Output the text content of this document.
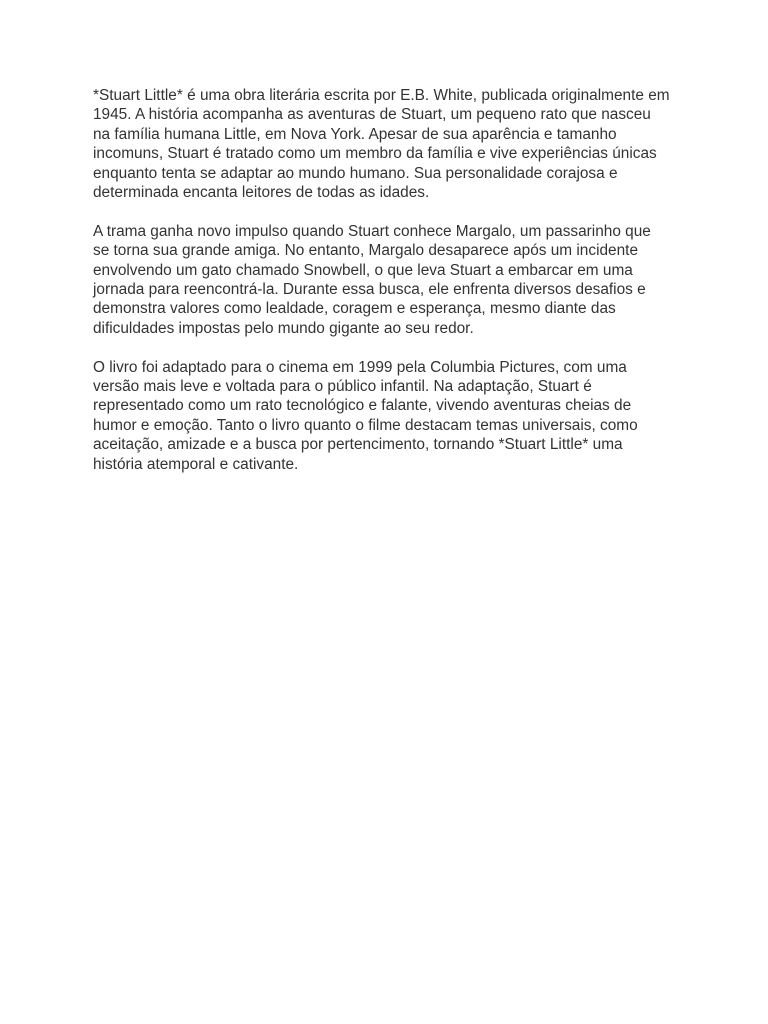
*Stuart Little* é uma obra literária escrita por E.B. White, publicada originalmente em
1945. A história acompanha as aventuras de Stuart, um pequeno rato que nasceu
na família humana Little, em Nova York. Apesar de sua aparência e tamanho
incomuns, Stuart é tratado como um membro da família e vive experiências únicas
enquanto tenta se adaptar ao mundo humano. Sua personalidade corajosa e
determinada encanta leitores de todas as idades.

A trama ganha novo impulso quando Stuart conhece Margalo, um passarinho que
se torna sua grande amiga. No entanto, Margalo desaparece após um incidente
envolvendo um gato chamado Snowbell, o que leva Stuart a embarcar em uma
jornada para reencontrá-la. Durante essa busca, ele enfrenta diversos desafios e
demonstra valores como lealdade, coragem e esperança, mesmo diante das
dificuldades impostas pelo mundo gigante ao seu redor.

O livro foi adaptado para o cinema em 1999 pela Columbia Pictures, com uma
versão mais leve e voltada para o público infantil. Na adaptação, Stuart é
representado como um rato tecnológico e falante, vivendo aventuras cheias de
humor e emoção. Tanto o livro quanto o filme destacam temas universais, como
aceitação, amizade e a busca por pertencimento, tornando *Stuart Little* uma
história atemporal e cativante.
